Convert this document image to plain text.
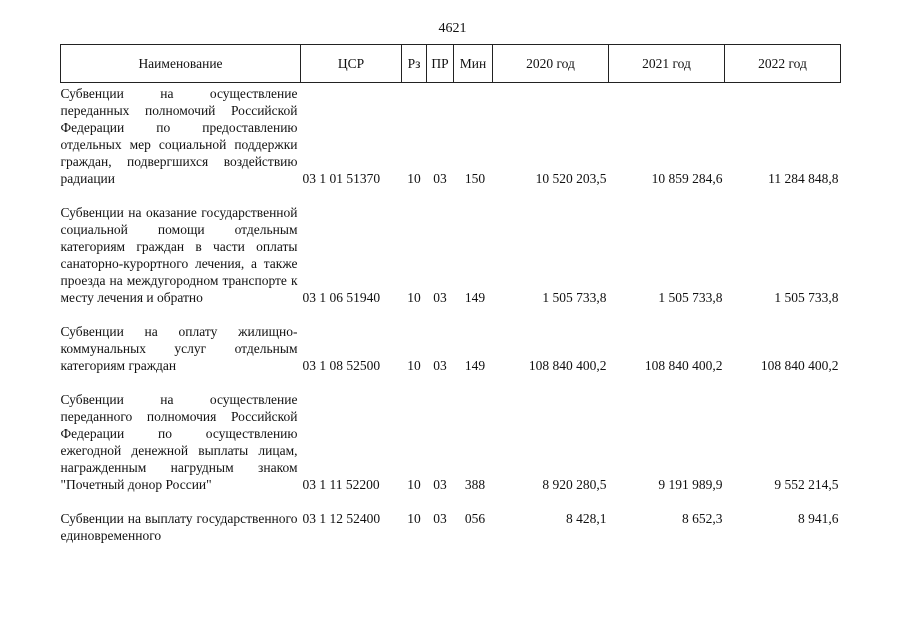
4621
Наименование	ЦСР	Рз	ПР	Мин	2020 год	2021 год	2022 год
Субвенции на осуществление переданных полномочий Российской Федерации по предоставлению отдельных мер социальной поддержки граждан, подвергшихся воздействию радиации	03 1 01 51370	10	03	150	10 520 203,5	10 859 284,6	11 284 848,8

Субвенции на оказание государственной социальной помощи отдельным категориям граждан в части оплаты санаторно-курортного лечения, а также проезда на междугородном транспорте к месту лечения и обратно	03 1 06 51940	10	03	149	1 505 733,8	1 505 733,8	1 505 733,8

Субвенции на оплату жилищно-коммунальных услуг отдельным категориям граждан	03 1 08 52500	10	03	149	108 840 400,2	108 840 400,2	108 840 400,2

Субвенции на осуществление переданного полномочия Российской Федерации по осуществлению ежегодной денежной выплаты лицам, награжденным нагрудным знаком "Почетный донор России"	03 1 11 52200	10	03	388	8 920 280,5	9 191 989,9	9 552 214,5

Субвенции на выплату государственного единовременного	03 1 12 52400	10	03	056	8 428,1	8 652,3	8 941,6
